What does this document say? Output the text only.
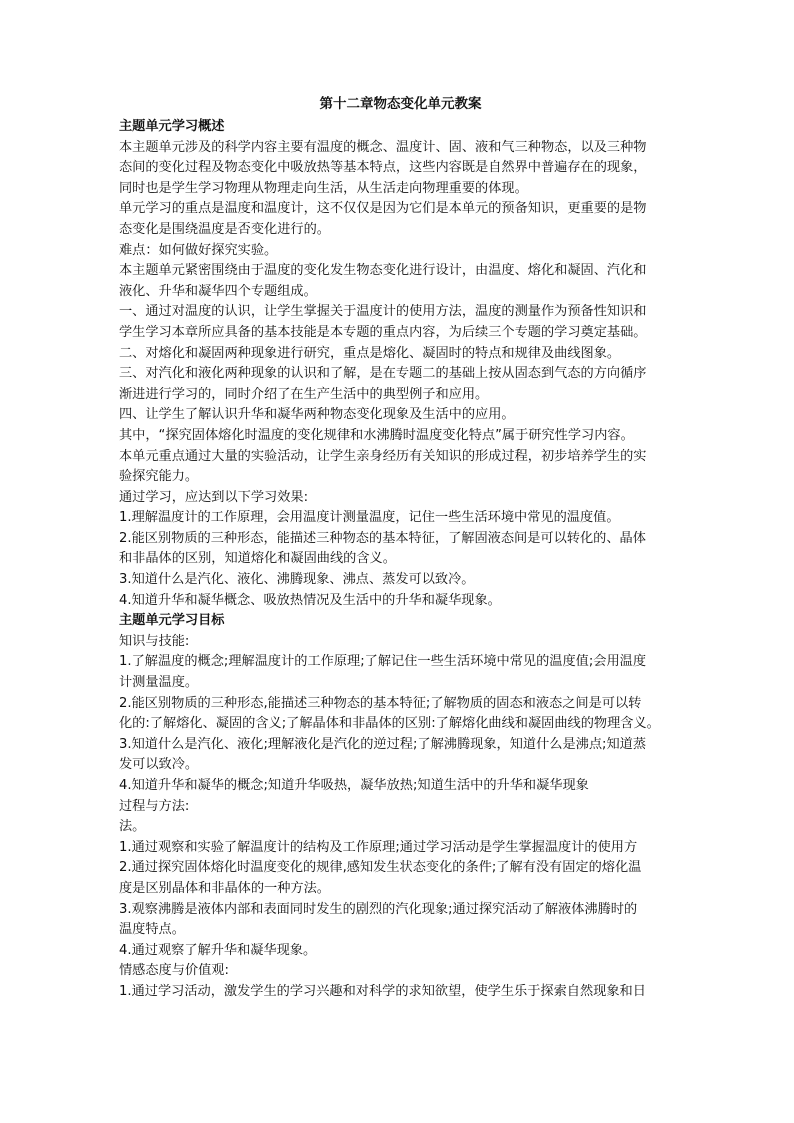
第十二章物态变化单元教案
主题单元学习概述
本主题单元涉及的科学内容主要有温度的概念、温度计、固、液和气三种物态，以及三种物
态间的变化过程及物态变化中吸放热等基本特点，这些内容既是自然界中普遍存在的现象，
同时也是学生学习物理从物理走向生活，从生活走向物理重要的体现。
单元学习的重点是温度和温度计，这不仅仅是因为它们是本单元的预备知识，更重要的是物
态变化是围绕温度是否变化进行的。
难点：如何做好探究实验。
本主题单元紧密围绕由于温度的变化发生物态变化进行设计，由温度、熔化和凝固、汽化和
液化、升华和凝华四个专题组成。
一、通过对温度的认识，让学生掌握关于温度计的使用方法，温度的测量作为预备性知识和
学生学习本章所应具备的基本技能是本专题的重点内容，为后续三个专题的学习奠定基础。
二、对熔化和凝固两种现象进行研究，重点是熔化、凝固时的特点和规律及曲线图象。
三、对汽化和液化两种现象的认识和了解，是在专题二的基础上按从固态到气态的方向循序
渐进进行学习的，同时介绍了在生产生活中的典型例子和应用。
四、让学生了解认识升华和凝华两种物态变化现象及生活中的应用。
其中，“探究固体熔化时温度的变化规律和水沸腾时温度变化特点”属于研究性学习内容。
本单元重点通过大量的实验活动，让学生亲身经历有关知识的形成过程，初步培养学生的实
验探究能力。
通过学习，应达到以下学习效果:
1.理解温度计的工作原理，会用温度计测量温度，记住一些生活环境中常见的温度值。
2.能区别物质的三种形态，能描述三种物态的基本特征，了解固液态间是可以转化的、晶体
和非晶体的区别，知道熔化和凝固曲线的含义。
3.知道什么是汽化、液化、沸腾现象、沸点、蒸发可以致冷。
4.知道升华和凝华概念、吸放热情况及生活中的升华和凝华现象。
主题单元学习目标
知识与技能:
1.了解温度的概念;理解温度计的工作原理;了解记住一些生活环境中常见的温度值;会用温度
计测量温度。
2.能区别物质的三种形态,能描述三种物态的基本特征;了解物质的固态和液态之间是可以转
化的:了解熔化、凝固的含义;了解晶体和非晶体的区别:了解熔化曲线和凝固曲线的物理含义。
3.知道什么是汽化、液化;理解液化是汽化的逆过程;了解沸腾现象，知道什么是沸点;知道蒸
发可以致冷。
4.知道升华和凝华的概念;知道升华吸热，凝华放热;知道生活中的升华和凝华现象
过程与方法:
法。
1.通过观察和实验了解温度计的结构及工作原理;通过学习活动是学生掌握温度计的使用方
2.通过探究固体熔化时温度变化的规律,感知发生状态变化的条件;了解有没有固定的熔化温
度是区别晶体和非晶体的一种方法。
3.观察沸腾是液体内部和表面同时发生的剧烈的汽化现象;通过探究活动了解液体沸腾时的
温度特点。
4.通过观察了解升华和凝华现象。
情感态度与价值观:
1.通过学习活动，激发学生的学习兴趣和对科学的求知欲望，使学生乐于探索自然现象和日
